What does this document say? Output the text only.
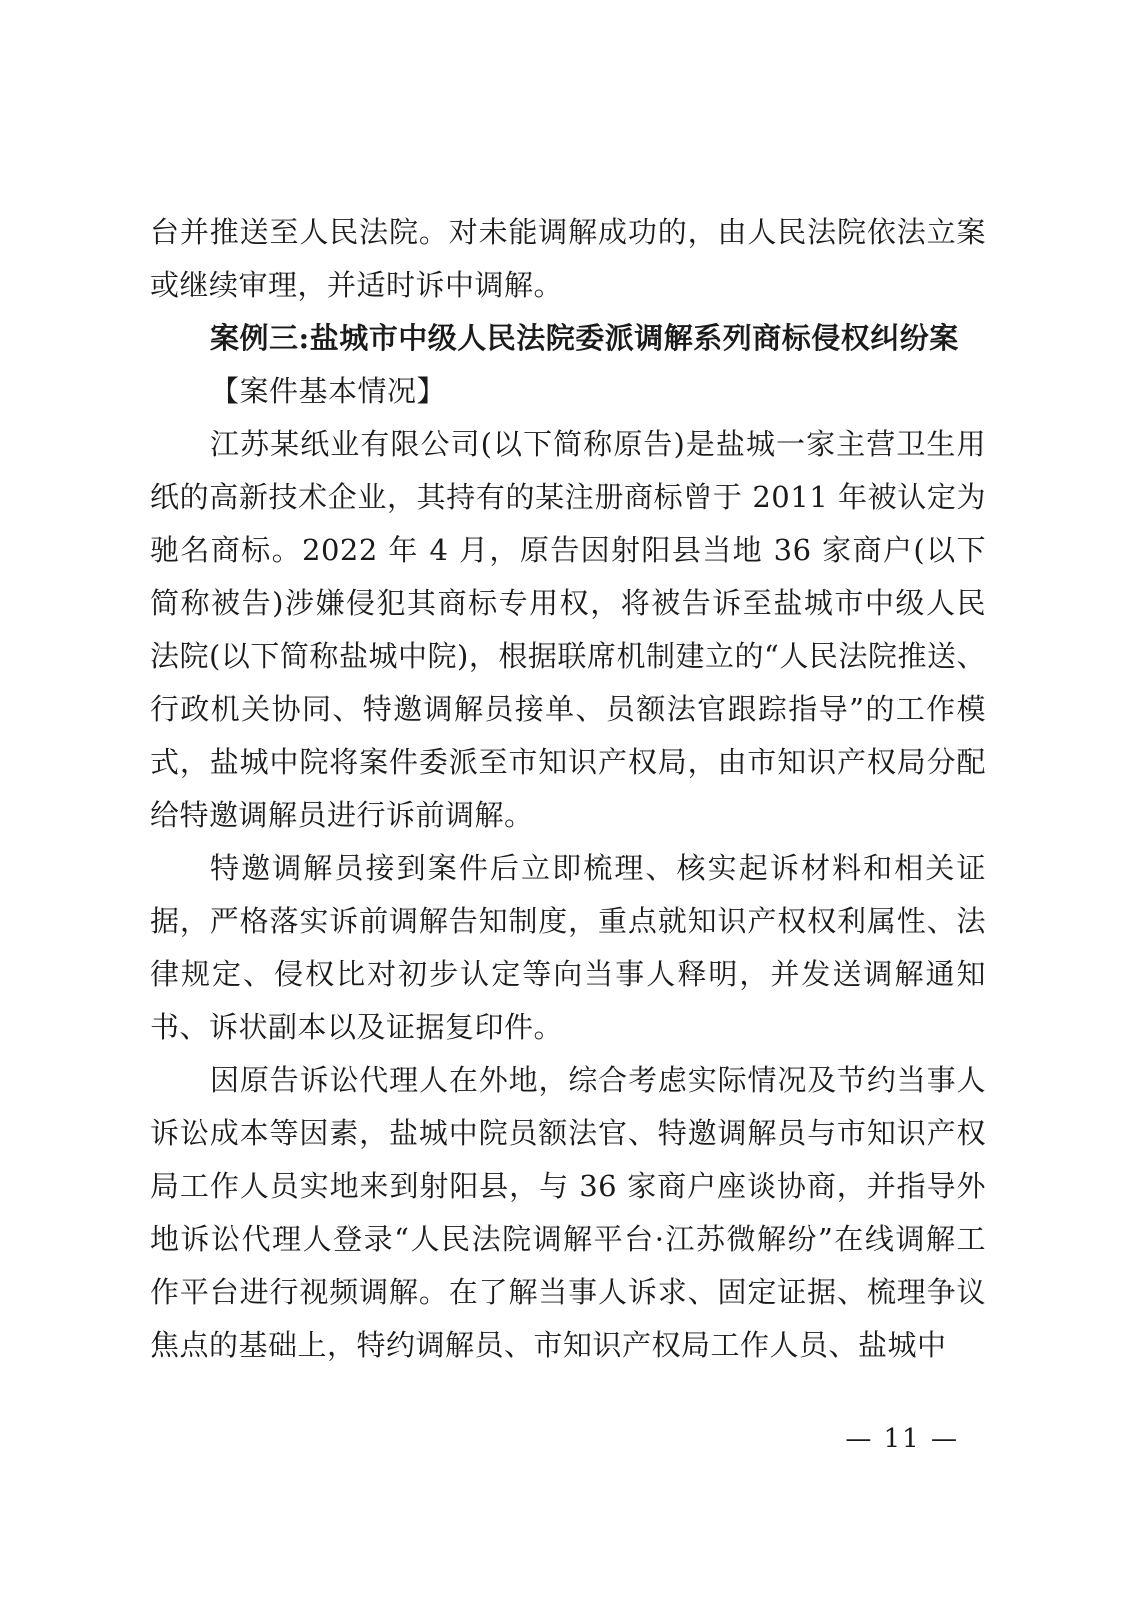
台并推送至人民法院。对未能调解成功的，由人民法院依法立案或继续审理，并适时诉中调解。

案例三:盐城市中级人民法院委派调解系列商标侵权纠纷案

【案件基本情况】

江苏某纸业有限公司(以下简称原告)是盐城一家主营卫生用纸的高新技术企业，其持有的某注册商标曾于 2011 年被认定为驰名商标。2022 年 4 月，原告因射阳县当地 36 家商户(以下简称被告)涉嫌侵犯其商标专用权，将被告诉至盐城市中级人民法院(以下简称盐城中院)，根据联席机制建立的“人民法院推送、行政机关协同、特邀调解员接单、员额法官跟踪指导”的工作模式，盐城中院将案件委派至市知识产权局，由市知识产权局分配给特邀调解员进行诉前调解。

特邀调解员接到案件后立即梳理、核实起诉材料和相关证据，严格落实诉前调解告知制度，重点就知识产权权利属性、法律规定、侵权比对初步认定等向当事人释明，并发送调解通知书、诉状副本以及证据复印件。

因原告诉讼代理人在外地，综合考虑实际情况及节约当事人诉讼成本等因素，盐城中院员额法官、特邀调解员与市知识产权局工作人员实地来到射阳县，与 36 家商户座谈协商，并指导外地诉讼代理人登录“人民法院调解平台·江苏微解纷”在线调解工作平台进行视频调解。在了解当事人诉求、固定证据、梳理争议焦点的基础上，特约调解员、市知识产权局工作人员、盐城中

— 11 —
